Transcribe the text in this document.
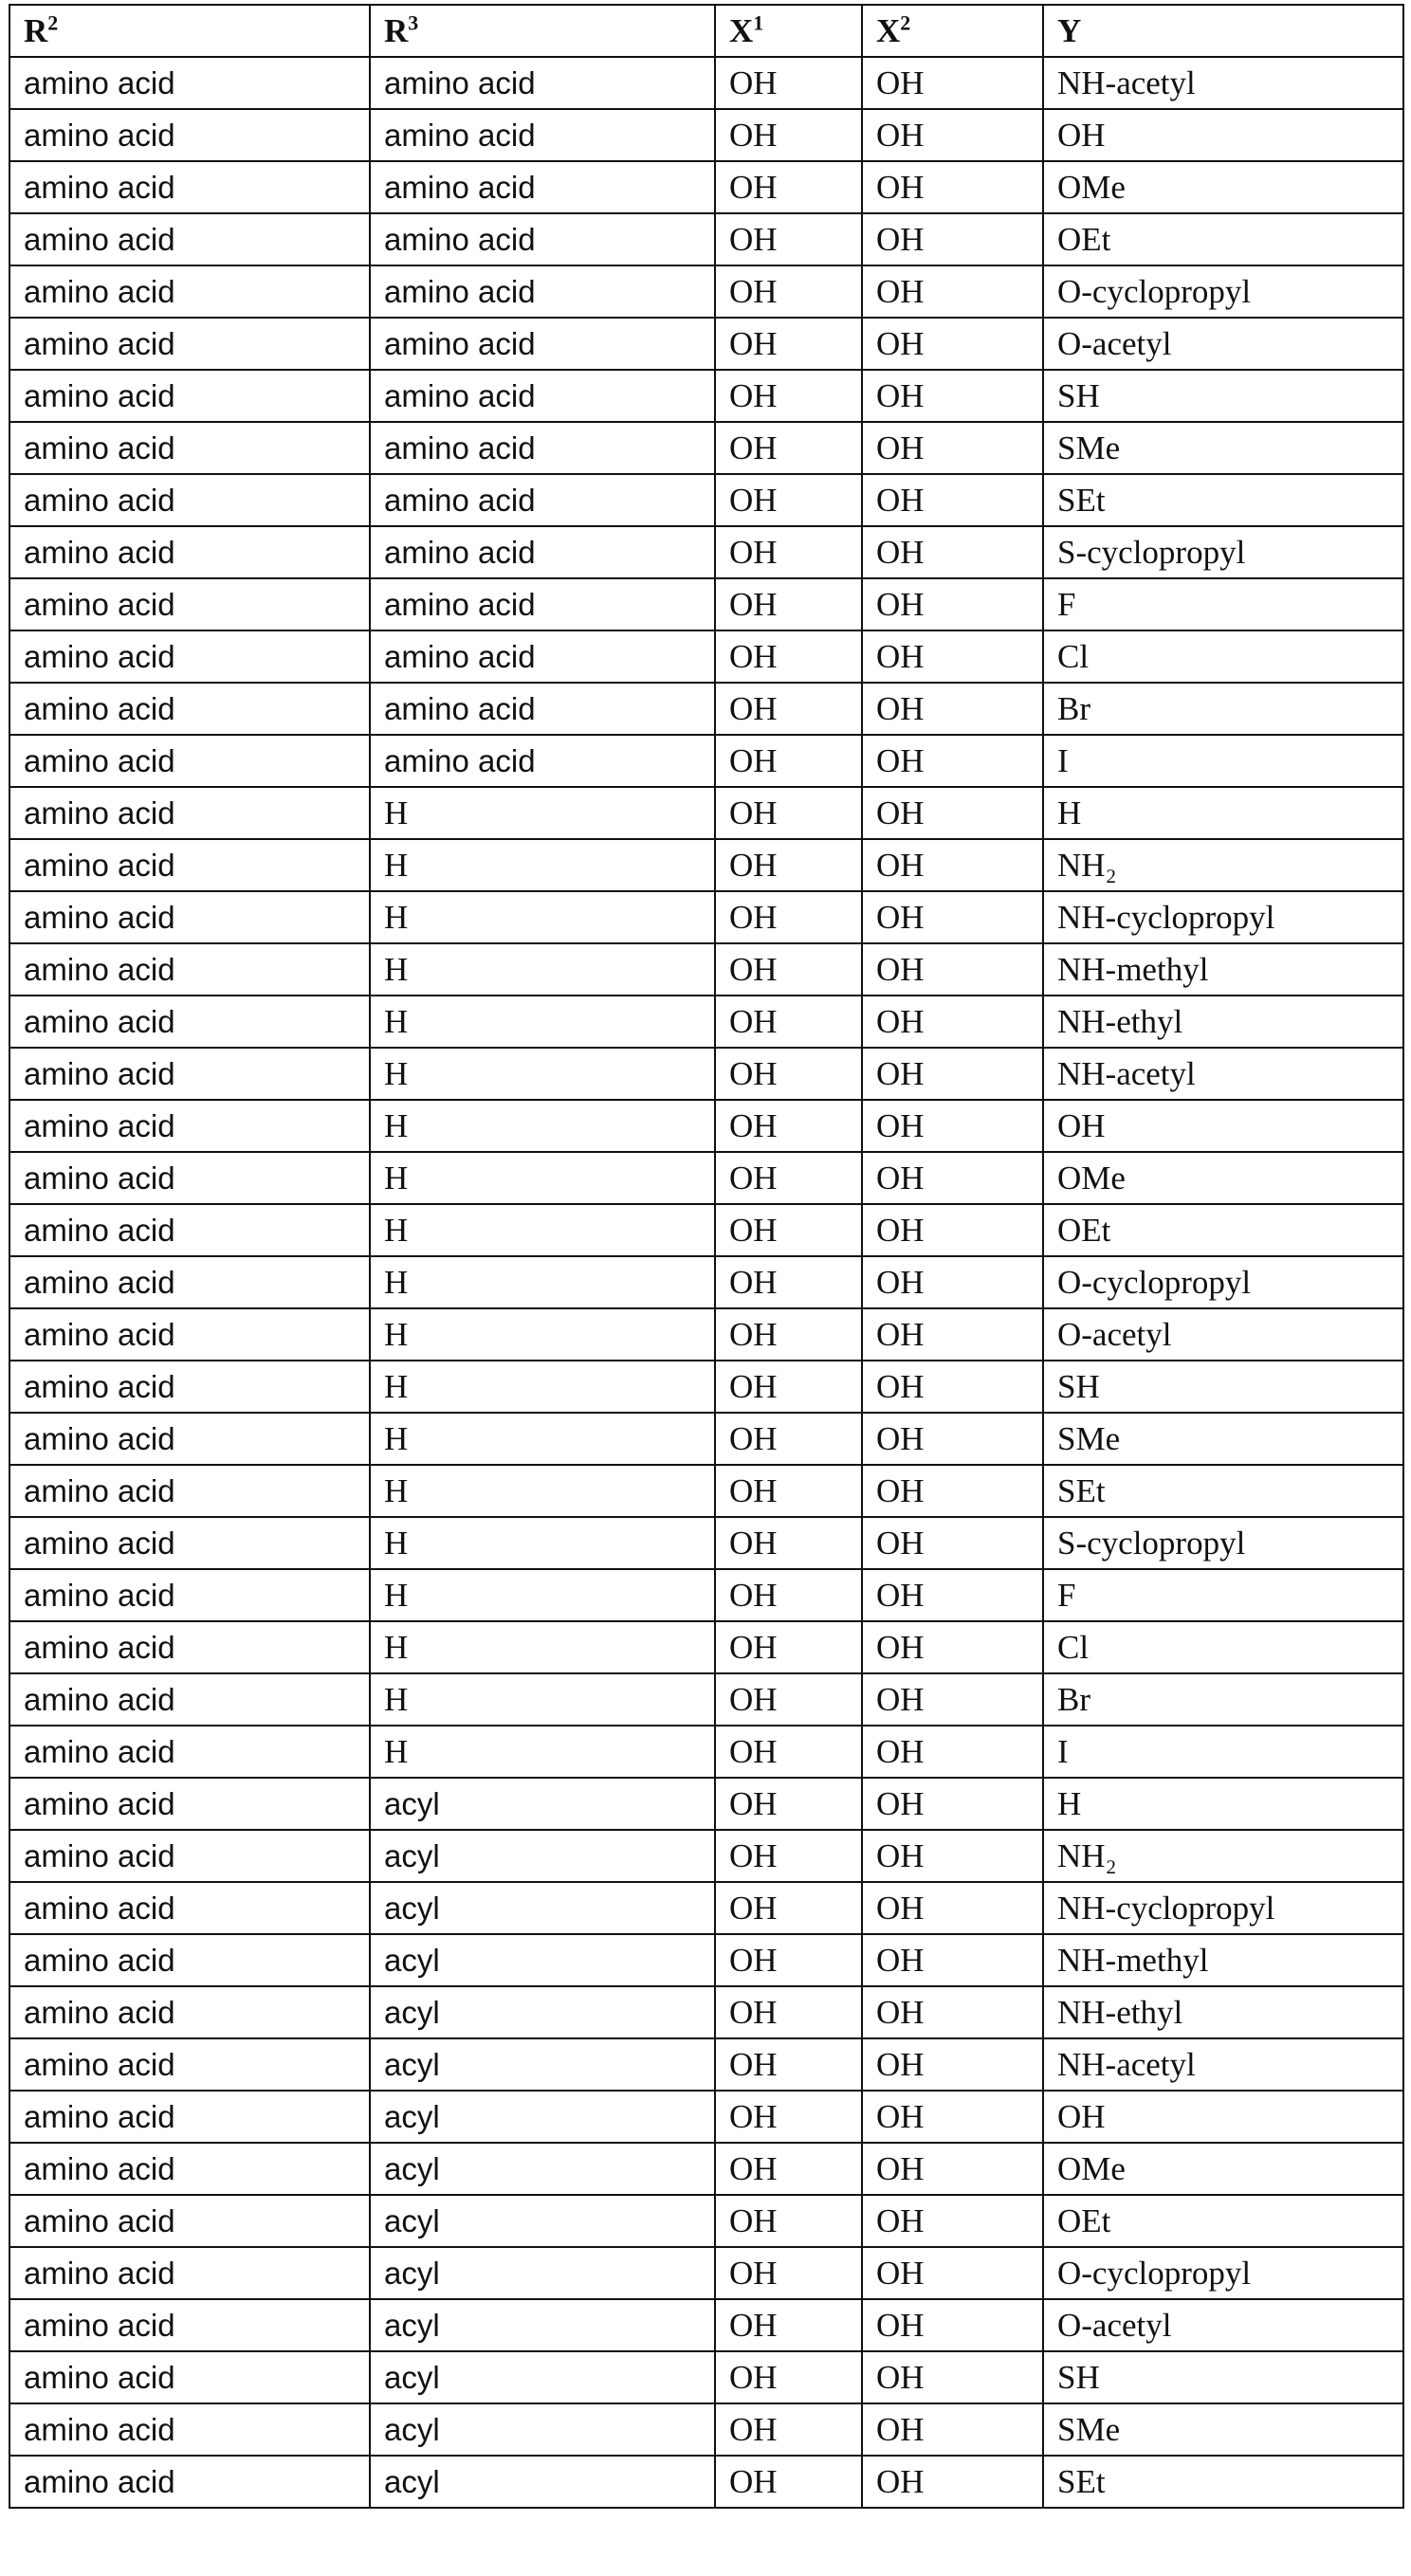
R2	R3	X1	X2	Y
amino acid	amino acid	OH	OH	NH-acetyl
amino acid	amino acid	OH	OH	OH
amino acid	amino acid	OH	OH	OMe
amino acid	amino acid	OH	OH	OEt
amino acid	amino acid	OH	OH	O-cyclopropyl
amino acid	amino acid	OH	OH	O-acetyl
amino acid	amino acid	OH	OH	SH
amino acid	amino acid	OH	OH	SMe
amino acid	amino acid	OH	OH	SEt
amino acid	amino acid	OH	OH	S-cyclopropyl
amino acid	amino acid	OH	OH	F
amino acid	amino acid	OH	OH	Cl
amino acid	amino acid	OH	OH	Br
amino acid	amino acid	OH	OH	I
amino acid	H	OH	OH	H
amino acid	H	OH	OH	NH₂
amino acid	H	OH	OH	NH-cyclopropyl
amino acid	H	OH	OH	NH-methyl
amino acid	H	OH	OH	NH-ethyl
amino acid	H	OH	OH	NH-acetyl
amino acid	H	OH	OH	OH
amino acid	H	OH	OH	OMe
amino acid	H	OH	OH	OEt
amino acid	H	OH	OH	O-cyclopropyl
amino acid	H	OH	OH	O-acetyl
amino acid	H	OH	OH	SH
amino acid	H	OH	OH	SMe
amino acid	H	OH	OH	SEt
amino acid	H	OH	OH	S-cyclopropyl
amino acid	H	OH	OH	F
amino acid	H	OH	OH	Cl
amino acid	H	OH	OH	Br
amino acid	H	OH	OH	I
amino acid	acyl	OH	OH	H
amino acid	acyl	OH	OH	NH₂
amino acid	acyl	OH	OH	NH-cyclopropyl
amino acid	acyl	OH	OH	NH-methyl
amino acid	acyl	OH	OH	NH-ethyl
amino acid	acyl	OH	OH	NH-acetyl
amino acid	acyl	OH	OH	OH
amino acid	acyl	OH	OH	OMe
amino acid	acyl	OH	OH	OEt
amino acid	acyl	OH	OH	O-cyclopropyl
amino acid	acyl	OH	OH	O-acetyl
amino acid	acyl	OH	OH	SH
amino acid	acyl	OH	OH	SMe
amino acid	acyl	OH	OH	SEt
